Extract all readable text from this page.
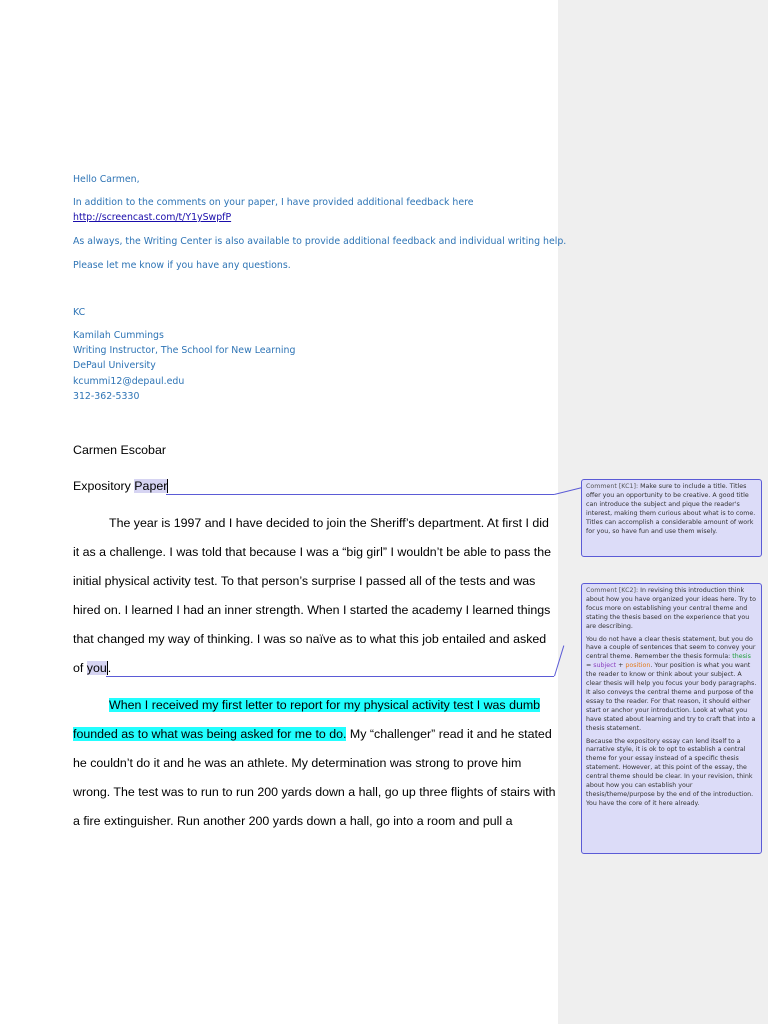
Hello Carmen,
In addition to the comments on your paper, I have provided additional feedback here
http://screencast.com/t/Y1ySwpfP
As always, the Writing Center is also available to provide additional feedback and individual writing help.
Please let me know if you have any questions.
KC
Kamilah Cummings
Writing Instructor, The School for New Learning
DePaul University
kcummi12@depaul.edu
312-362-5330
Carmen Escobar
Expository Paper
The year is 1997 and I have decided to join the Sheriff’s department. At first I did
it as a challenge. I was told that because I was a “big girl” I wouldn’t be able to pass the
initial physical activity test. To that person’s surprise I passed all of the tests and was
hired on. I learned I had an inner strength. When I started the academy I learned things
that changed my way of thinking. I was so naïve as to what this job entailed and asked
of you.
When I received my first letter to report for my physical activity test I was dumb
founded as to what was being asked for me to do. My “challenger” read it and he stated
he couldn’t do it and he was an athlete. My determination was strong to prove him
wrong. The test was to run to run 200 yards down a hall, go up three flights of stairs with
a fire extinguisher. Run another 200 yards down a hall, go into a room and pull a

Comment [KC1]: Make sure to include a title. Titles offer you an opportunity to be creative. A good title can introduce the subject and pique the reader's interest, making them curious about what is to come. Titles can accomplish a considerable amount of work for you, so have fun and use them wisely.

Comment [KC2]: In revising this introduction think about how you have organized your ideas here. Try to focus more on establishing your central theme and stating the thesis based on the experience that you are describing.

You do not have a clear thesis statement, but you do have a couple of sentences that seem to convey your central theme. Remember the thesis formula: thesis = subject + position. Your position is what you want the reader to know or think about your subject. A clear thesis will help you focus your body paragraphs. It also conveys the central theme and purpose of the essay to the reader. For that reason, it should either start or anchor your introduction. Look at what you have stated about learning and try to craft that into a thesis statement.

Because the expository essay can lend itself to a narrative style, it is ok to opt to establish a central theme for your essay instead of a specific thesis statement. However, at this point of the essay, the central theme should be clear. In your revision, think about how you can establish your thesis/theme/purpose by the end of the introduction. You have the core of it here already.
